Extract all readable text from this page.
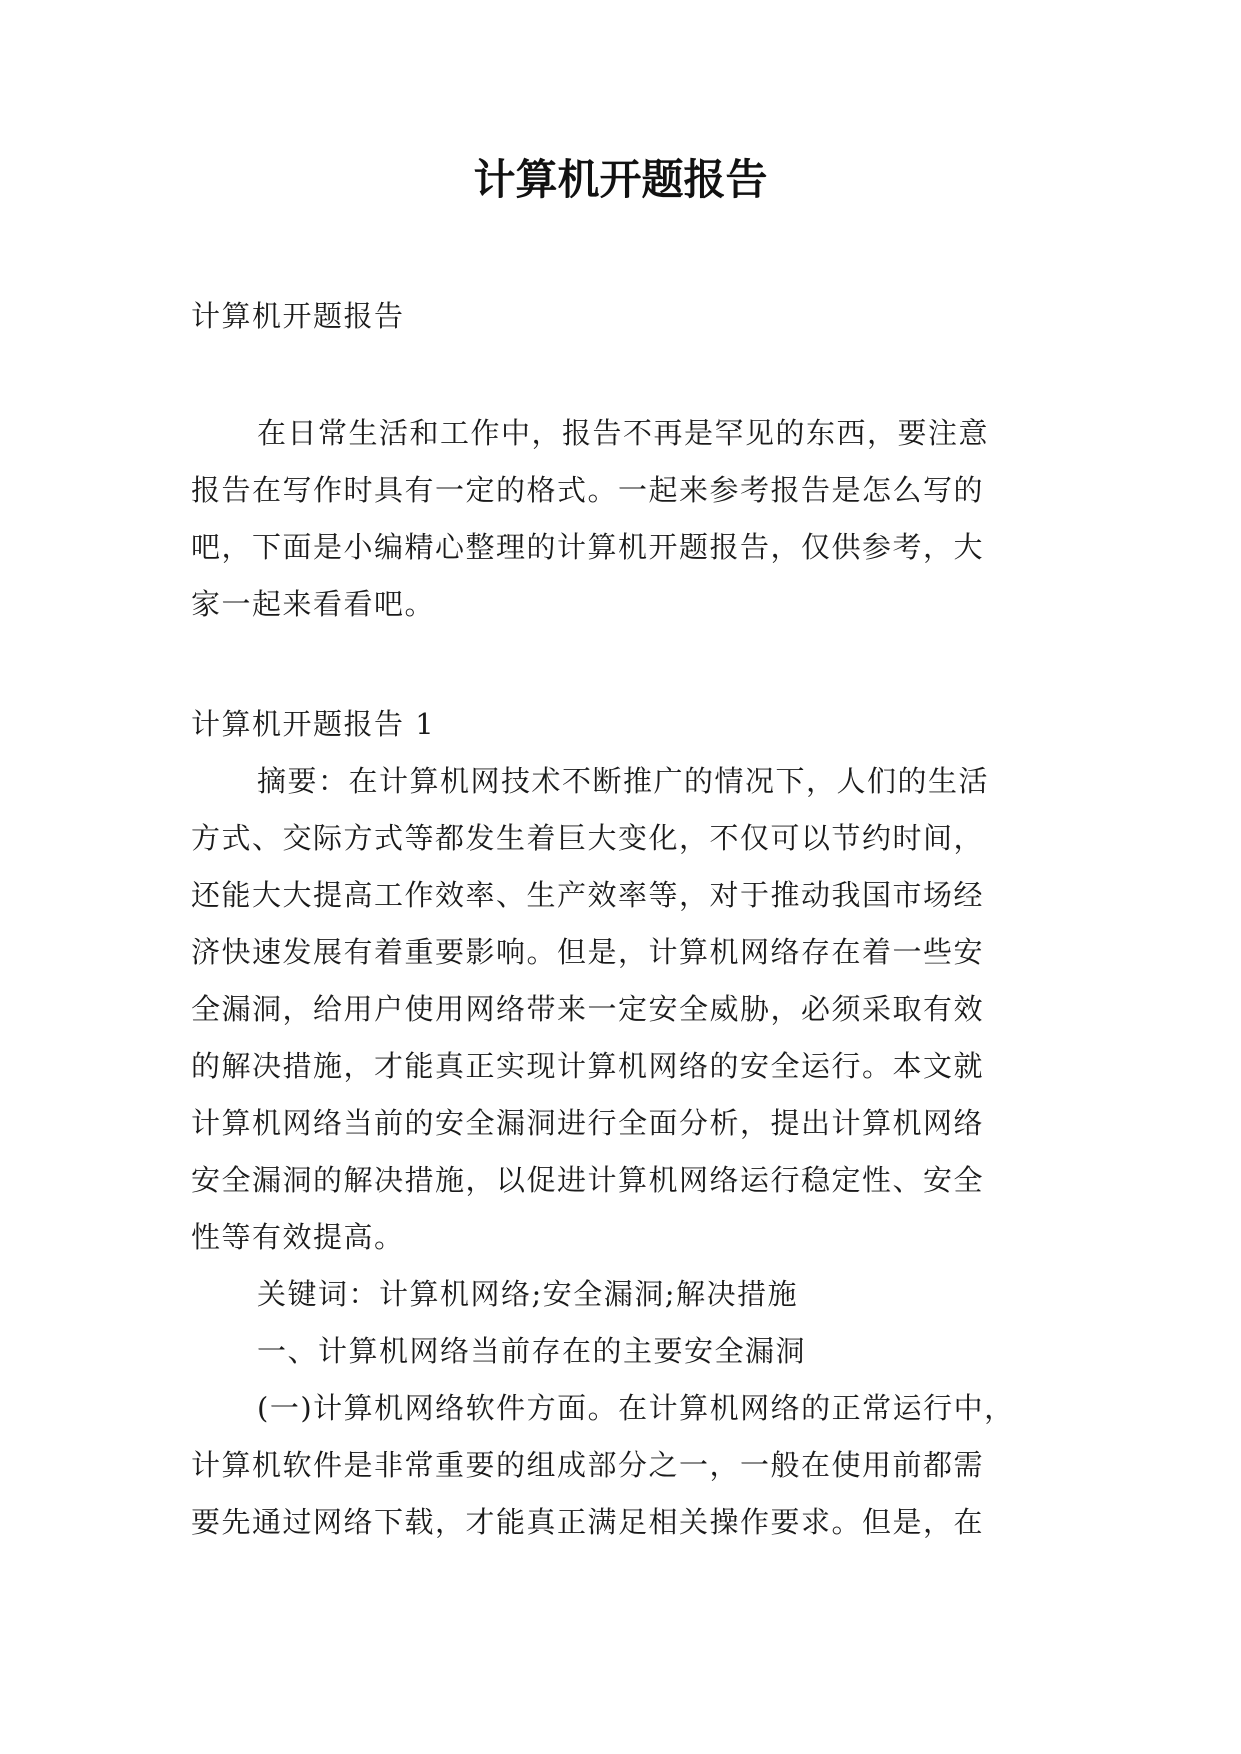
计算机开题报告

计算机开题报告

在日常生活和工作中，报告不再是罕见的东西，要注意
报告在写作时具有一定的格式。一起来参考报告是怎么写的
吧，下面是小编精心整理的计算机开题报告，仅供参考，大
家一起来看看吧。
计算机开题报告 1
摘要：在计算机网技术不断推广的情况下，人们的生活
方式、交际方式等都发生着巨大变化，不仅可以节约时间，
还能大大提高工作效率、生产效率等，对于推动我国市场经
济快速发展有着重要影响。但是，计算机网络存在着一些安
全漏洞，给用户使用网络带来一定安全威胁，必须采取有效
的解决措施，才能真正实现计算机网络的安全运行。本文就
计算机网络当前的安全漏洞进行全面分析，提出计算机网络
安全漏洞的解决措施，以促进计算机网络运行稳定性、安全
性等有效提高。
关键词：计算机网络;安全漏洞;解决措施
一、计算机网络当前存在的主要安全漏洞
(一)计算机网络软件方面。在计算机网络的正常运行中，
计算机软件是非常重要的组成部分之一，一般在使用前都需
要先通过网络下载，才能真正满足相关操作要求。但是，在
